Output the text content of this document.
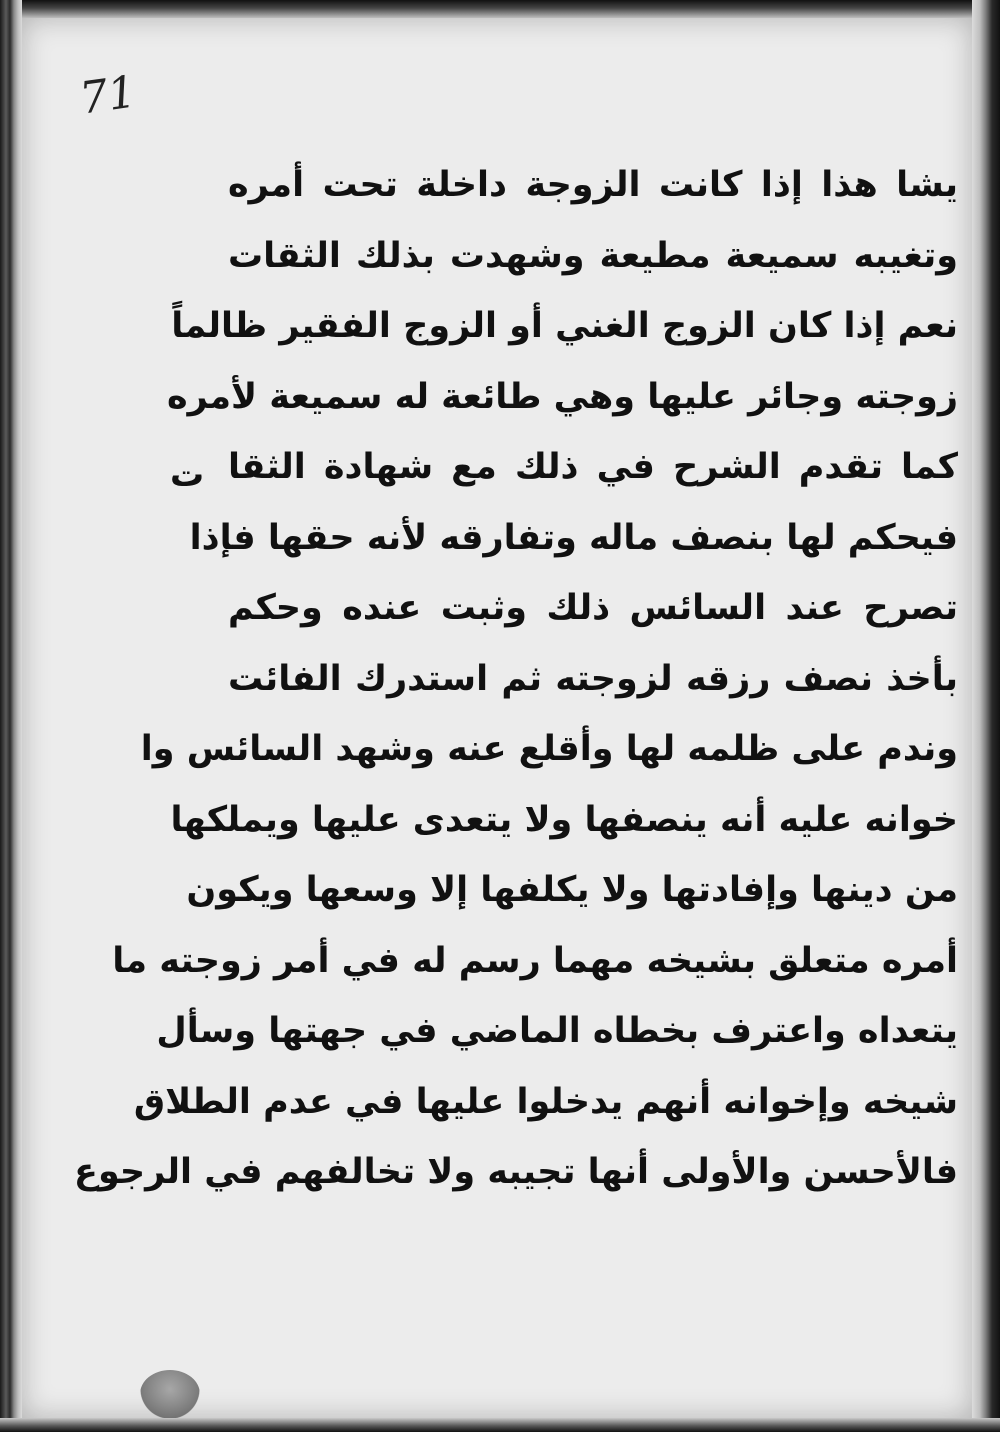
71
ت
يشا هذا إذا كانت الزوجة داخلة تحت أمره
وتغيبه سميعة مطيعة وشهدت بذلك الثقات
نعم إذا كان الزوج الغني أو الزوج الفقير ظالماً
زوجته وجائر عليها وهي طائعة له سميعة لأمره
كما تقدم الشرح في ذلك مع شهادة الثقا
فيحكم لها بنصف ماله وتفارقه لأنه حقها فإذا
تصرح عند السائس ذلك وثبت عنده وحكم
بأخذ نصف رزقه لزوجته ثم استدرك الفائت
وندم على ظلمه لها وأقلع عنه وشهد السائس وا
خوانه عليه أنه ينصفها ولا يتعدى عليها ويملكها
من دينها وإفادتها ولا يكلفها إلا وسعها ويكون
أمره متعلق بشيخه مهما رسم له في أمر زوجته ما
يتعداه واعترف بخطاه الماضي في جهتها وسأل
شيخه وإخوانه أنهم يدخلوا عليها في عدم الطلاق
فالأحسن والأولى أنها تجيبه ولا تخالفهم في الرجوع
